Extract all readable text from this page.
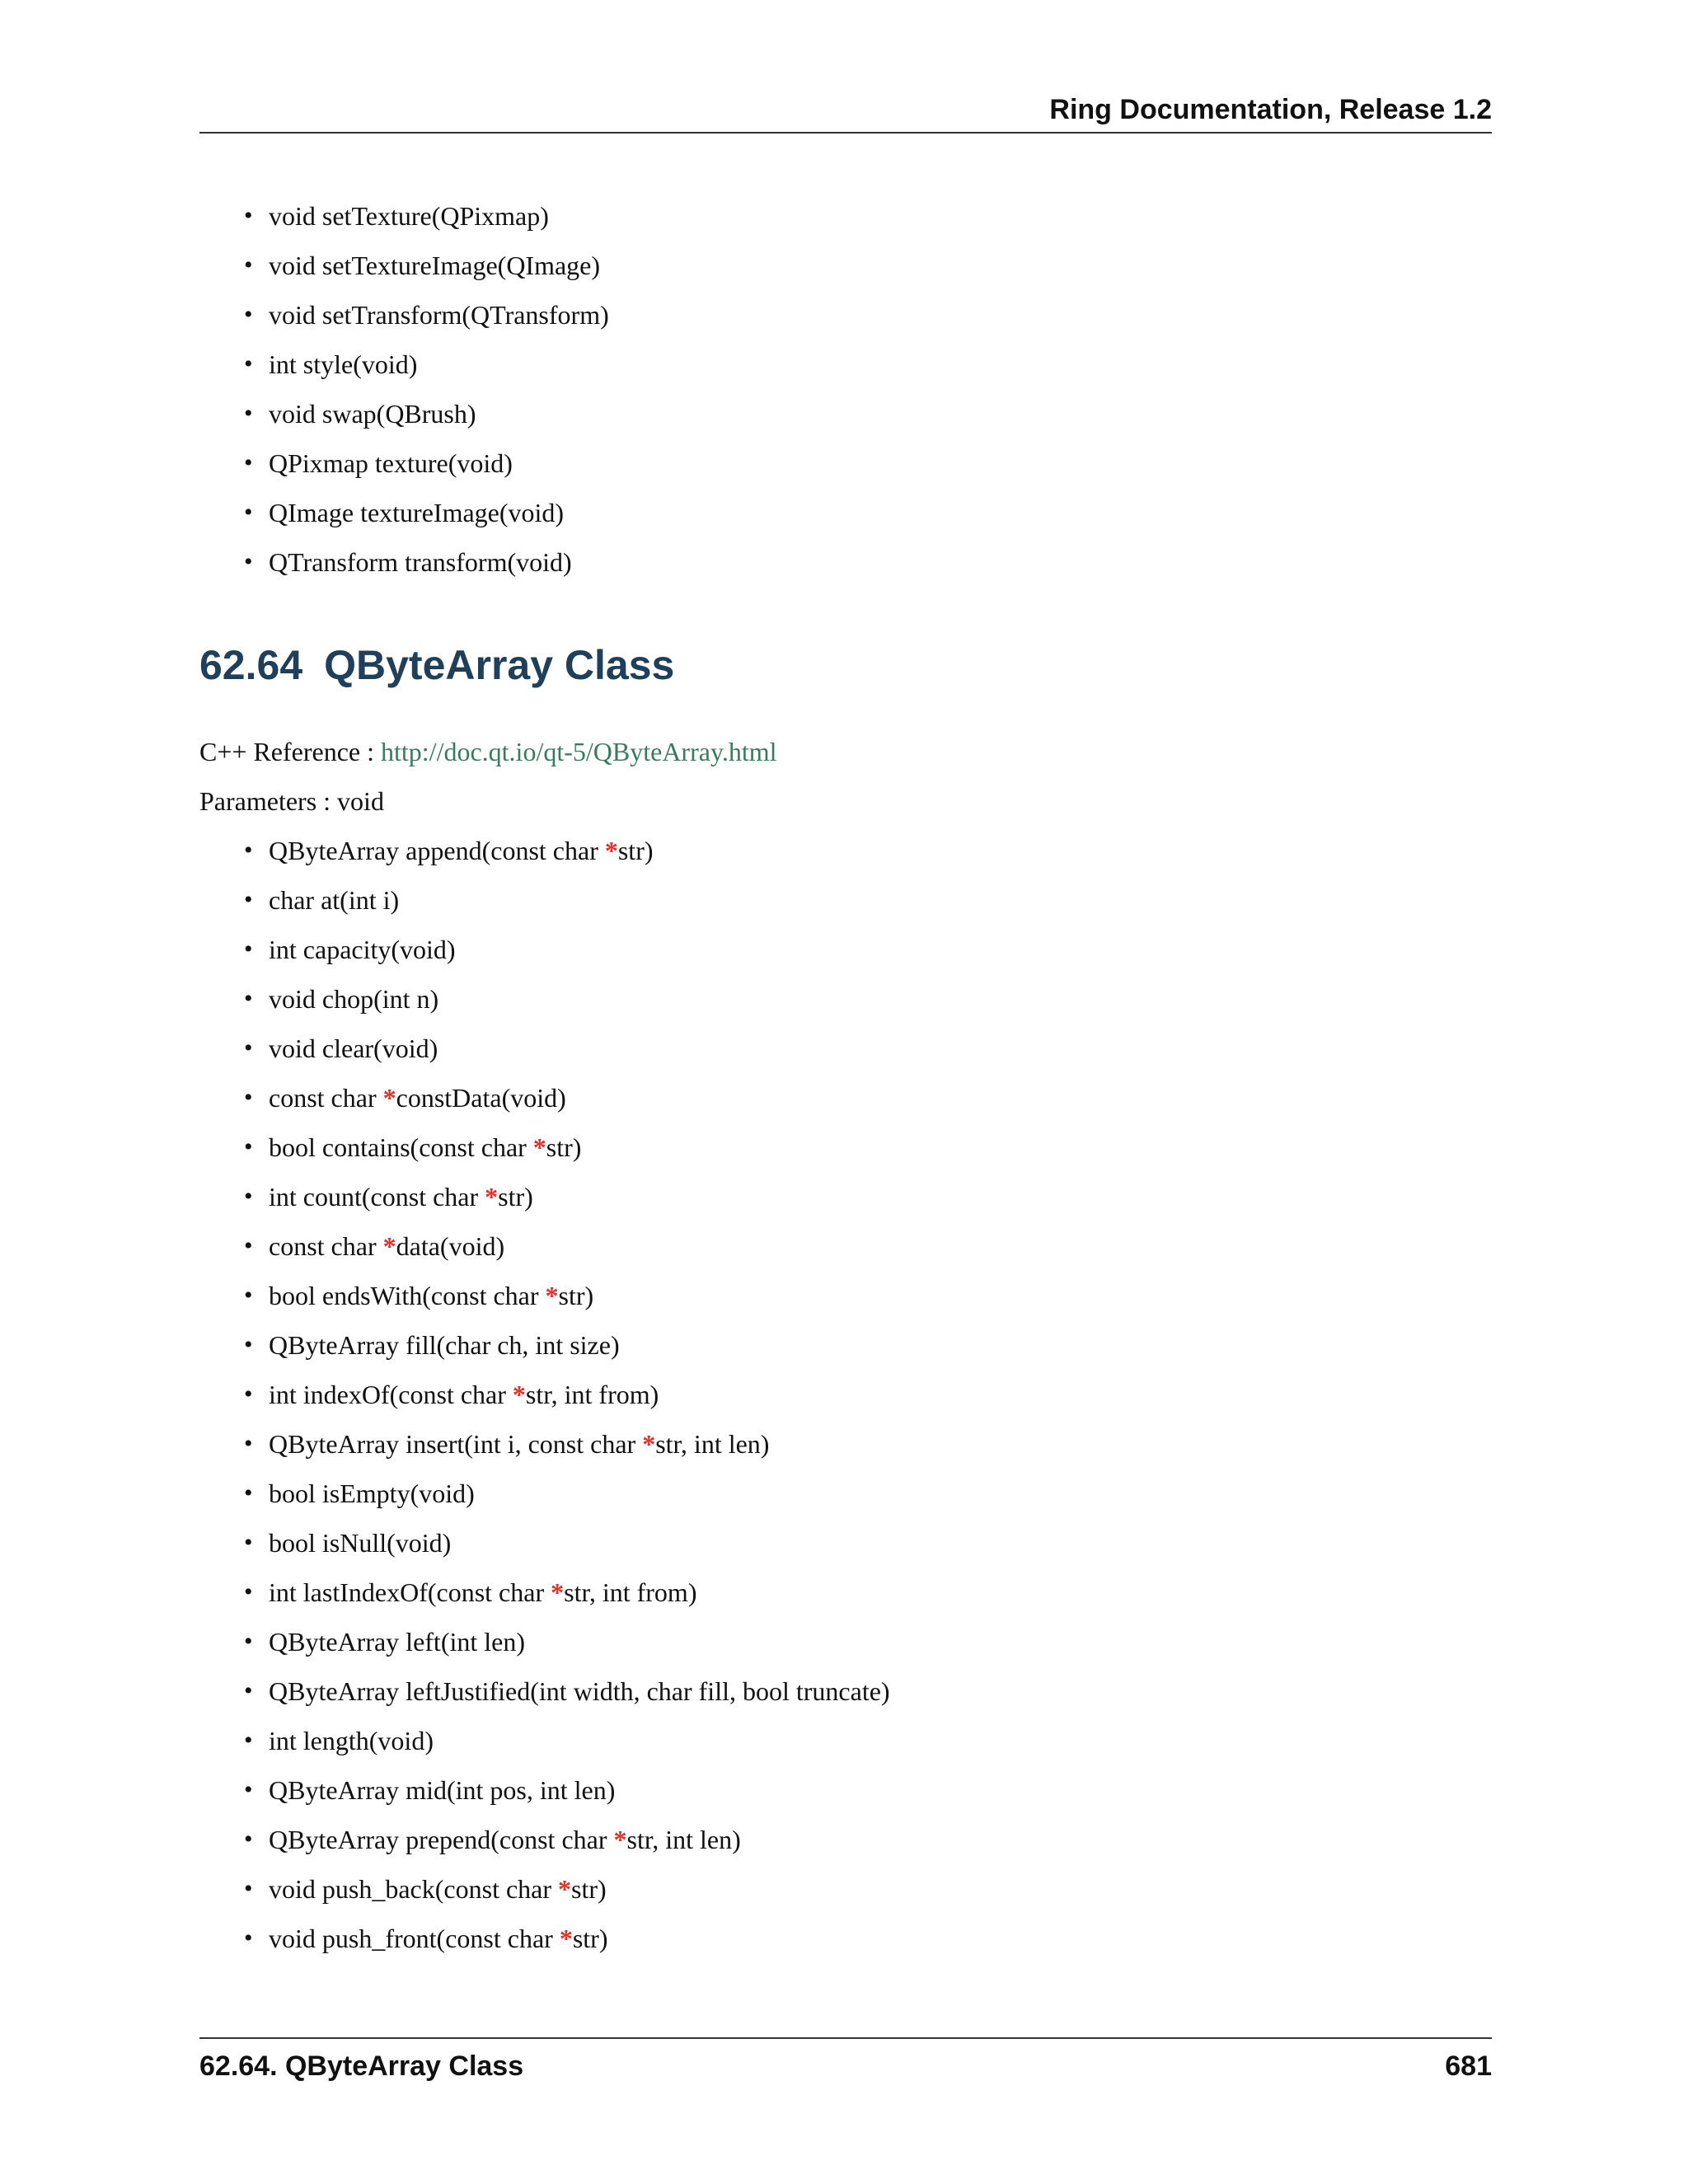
Ring Documentation, Release 1.2
• void setTexture(QPixmap)
• void setTextureImage(QImage)
• void setTransform(QTransform)
• int style(void)
• void swap(QBrush)
• QPixmap texture(void)
• QImage textureImage(void)
• QTransform transform(void)
62.64 QByteArray Class
C++ Reference : http://doc.qt.io/qt-5/QByteArray.html
Parameters : void
• QByteArray append(const char *str)
• char at(int i)
• int capacity(void)
• void chop(int n)
• void clear(void)
• const char *constData(void)
• bool contains(const char *str)
• int count(const char *str)
• const char *data(void)
• bool endsWith(const char *str)
• QByteArray fill(char ch, int size)
• int indexOf(const char *str, int from)
• QByteArray insert(int i, const char *str, int len)
• bool isEmpty(void)
• bool isNull(void)
• int lastIndexOf(const char *str, int from)
• QByteArray left(int len)
• QByteArray leftJustified(int width, char fill, bool truncate)
• int length(void)
• QByteArray mid(int pos, int len)
• QByteArray prepend(const char *str, int len)
• void push_back(const char *str)
• void push_front(const char *str)
62.64. QByteArray Class	681
